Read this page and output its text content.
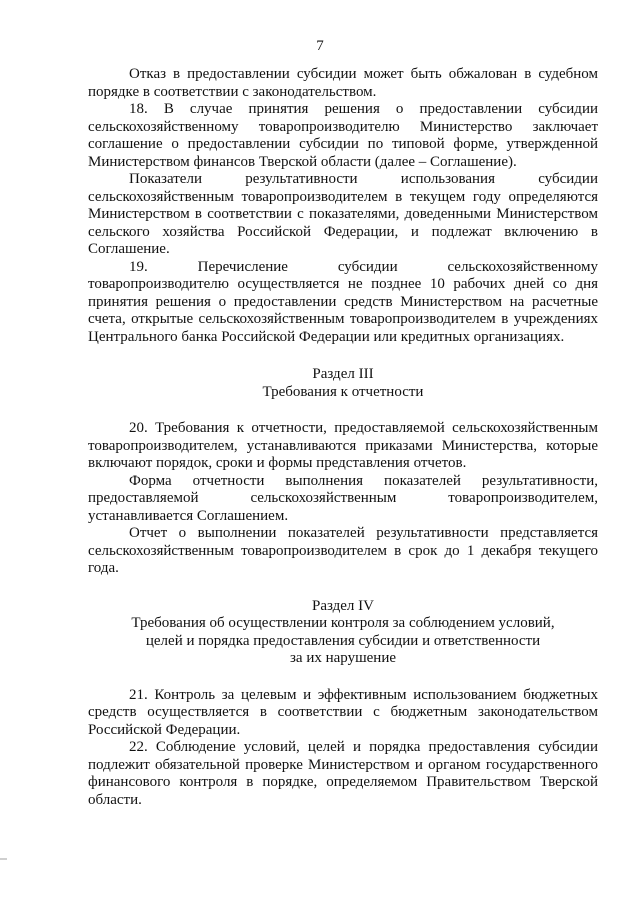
7

Отказ в предоставлении субсидии может быть обжалован в судебном порядке в соответствии с законодательством.

18. В случае принятия решения о предоставлении субсидии сельскохозяйственному товаропроизводителю Министерство заключает соглашение о предоставлении субсидии по типовой форме, утвержденной Министерством финансов Тверской области (далее – Соглашение).

Показатели результативности использования субсидии сельскохозяйственным товаропроизводителем в текущем году определяются Министерством в соответствии с показателями, доведенными Министерством сельского хозяйства Российской Федерации, и подлежат включению в Соглашение.

19. Перечисление субсидии сельскохозяйственному товаропроизводителю осуществляется не позднее 10 рабочих дней со дня принятия решения о предоставлении средств Министерством на расчетные счета, открытые сельскохозяйственным товаропроизводителем в учреждениях Центрального банка Российской Федерации или кредитных организациях.

Раздел III

Требования к отчетности

20. Требования к отчетности, предоставляемой сельскохозяйственным товаропроизводителем, устанавливаются приказами Министерства, которые включают порядок, сроки и формы представления отчетов.

Форма отчетности выполнения показателей результативности, предоставляемой сельскохозяйственным товаропроизводителем, устанавливается Соглашением.

Отчет о выполнении показателей результативности представляется сельскохозяйственным товаропроизводителем в срок до 1 декабря текущего года.

Раздел IV

Требования об осуществлении контроля за соблюдением условий,

целей и порядка предоставления субсидии и ответственности

за их нарушение

21. Контроль за целевым и эффективным использованием бюджетных средств осуществляется в соответствии с бюджетным законодательством Российской Федерации.

22. Соблюдение условий, целей и порядка предоставления субсидии подлежит обязательной проверке Министерством и органом государственного финансового контроля в порядке, определяемом Правительством Тверской области.
